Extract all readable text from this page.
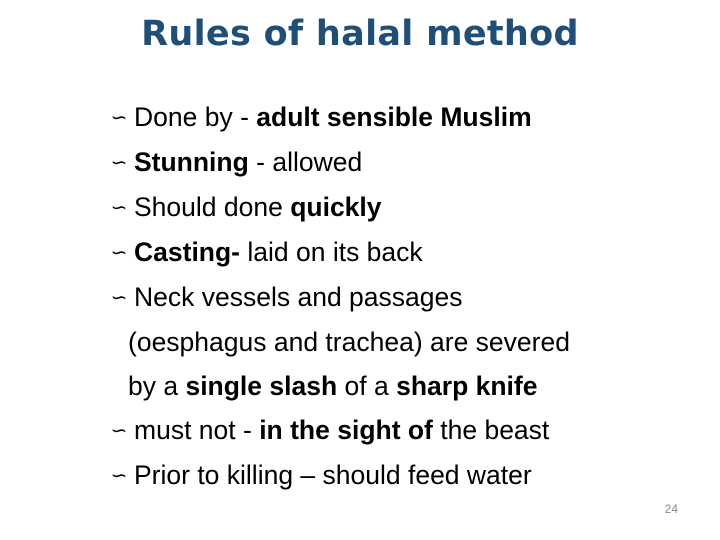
Rules of halal method
∽ Done by - adult sensible Muslim
∽ Stunning - allowed
∽ Should done quickly
∽ Casting- laid on its back
∽ Neck vessels and passages
(oesphagus and trachea) are severed
by a single slash of a sharp knife
∽ must not - in the sight of the beast
∽ Prior to killing – should feed water
24
